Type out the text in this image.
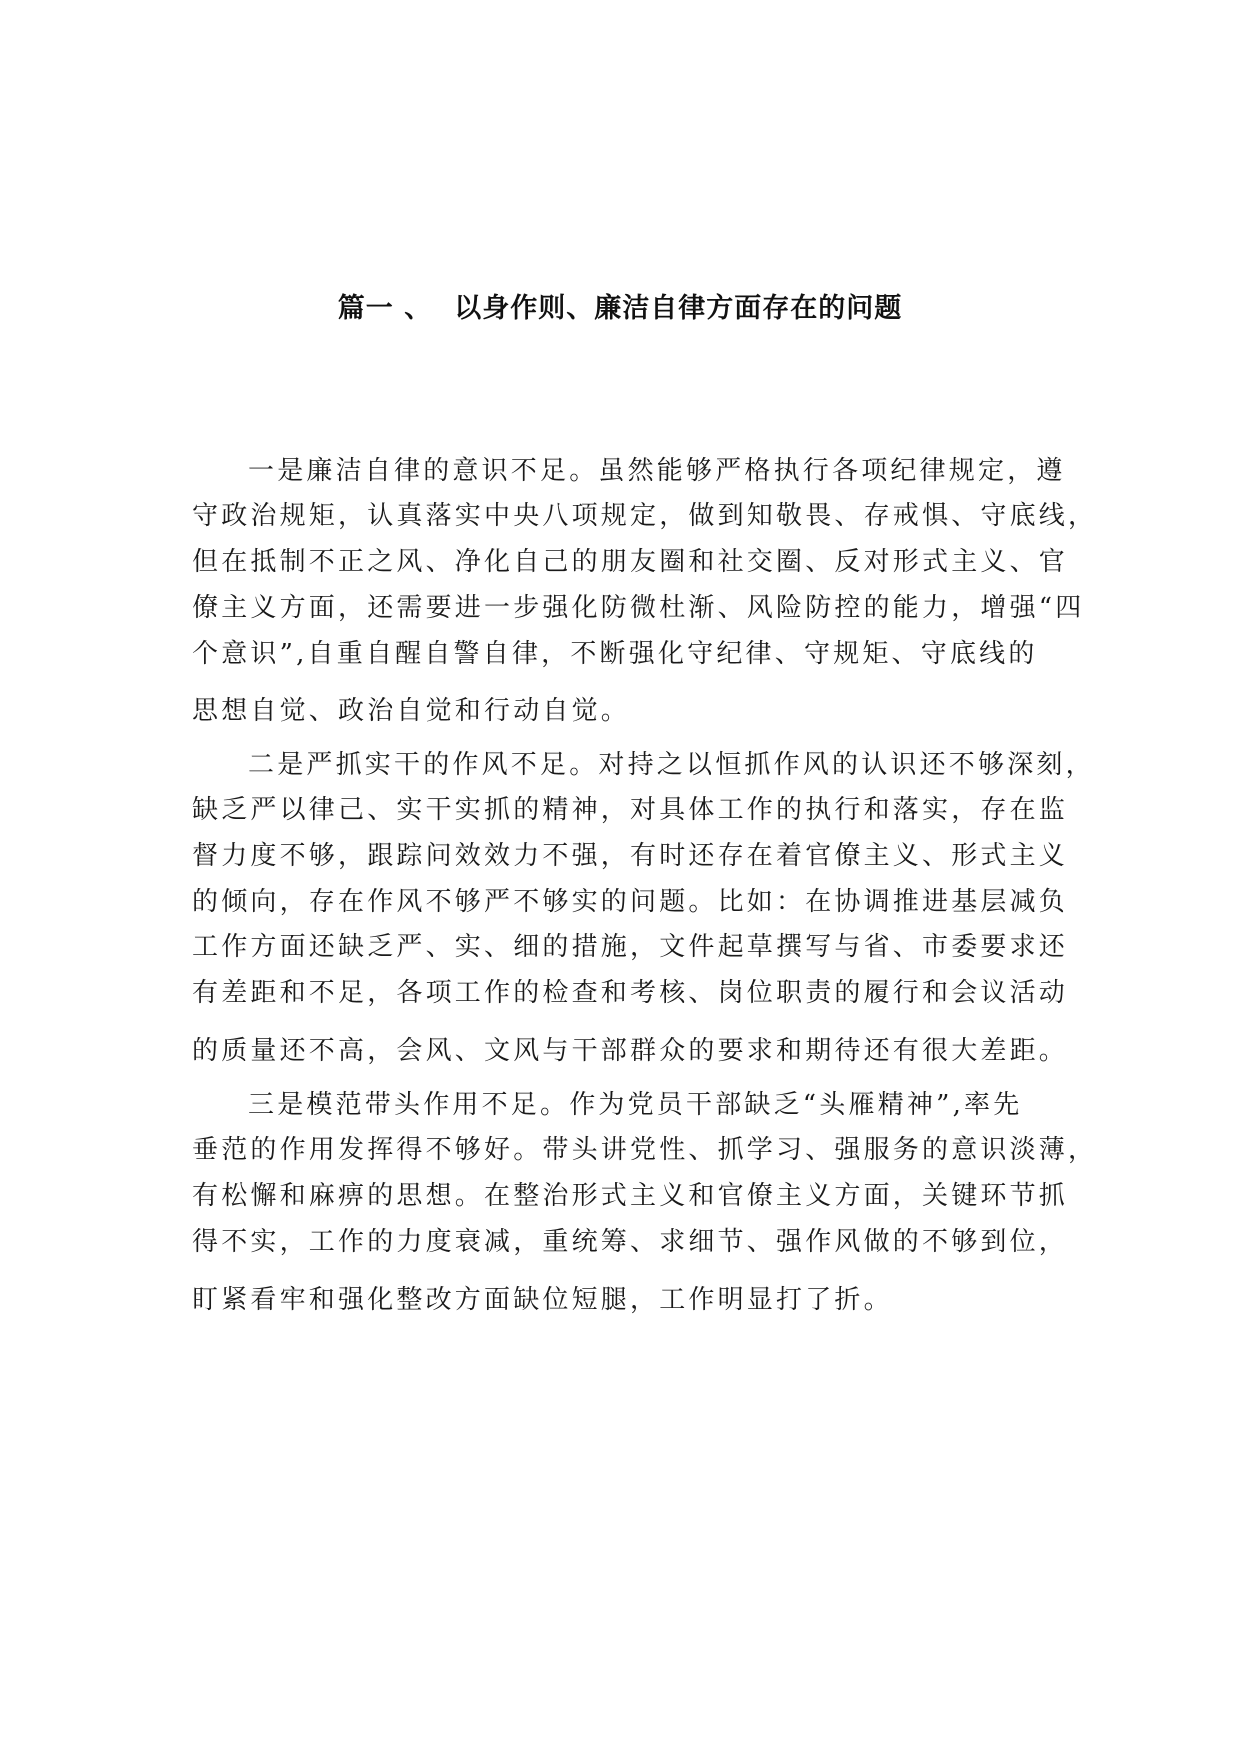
篇一 、 以身作则、廉洁自律方面存在的问题
一是廉洁自律的意识不足。虽然能够严格执行各项纪律规定，遵
守政治规矩，认真落实中央八项规定，做到知敬畏、存戒惧、守底线，
但在抵制不正之风、净化自己的朋友圈和社交圈、反对形式主义、官
僚主义方面，还需要进一步强化防微杜渐、风险防控的能力，增强“四
个意识”,自重自醒自警自律，不断强化守纪律、守规矩、守底线的
思想自觉、政治自觉和行动自觉。
二是严抓实干的作风不足。对持之以恒抓作风的认识还不够深刻，
缺乏严以律己、实干实抓的精神，对具体工作的执行和落实，存在监
督力度不够，跟踪问效效力不强，有时还存在着官僚主义、形式主义
的倾向，存在作风不够严不够实的问题。比如：在协调推进基层减负
工作方面还缺乏严、实、细的措施，文件起草撰写与省、市委要求还
有差距和不足，各项工作的检查和考核、岗位职责的履行和会议活动
的质量还不高，会风、文风与干部群众的要求和期待还有很大差距。
三是模范带头作用不足。作为党员干部缺乏“头雁精神”,率先
垂范的作用发挥得不够好。带头讲党性、抓学习、强服务的意识淡薄，
有松懈和麻痹的思想。在整治形式主义和官僚主义方面，关键环节抓
得不实，工作的力度衰减，重统筹、求细节、强作风做的不够到位，
盯紧看牢和强化整改方面缺位短腿，工作明显打了折。
